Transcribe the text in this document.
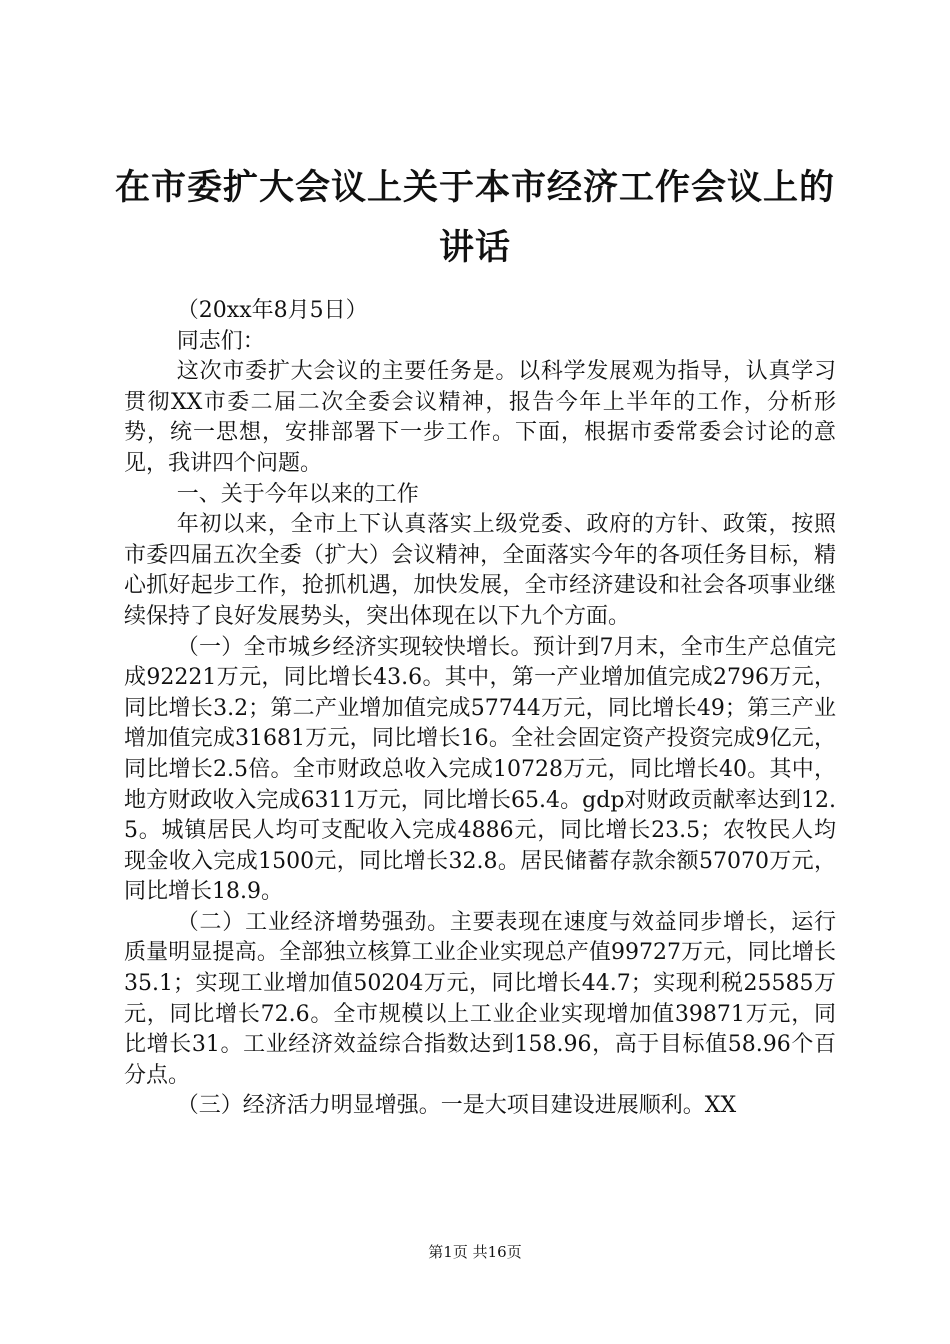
在市委扩大会议上关于本市经济工作会议上的
讲话

（20xx年8月5日）

同志们：

这次市委扩大会议的主要任务是。以科学发展观为指导，认真学习贯彻XX市委二届二次全委会议精神，报告今年上半年的工作，分析形势，统一思想，安排部署下一步工作。下面，根据市委常委会讨论的意见，我讲四个问题。

一、关于今年以来的工作

年初以来，全市上下认真落实上级党委、政府的方针、政策，按照市委四届五次全委（扩大）会议精神，全面落实今年的各项任务目标，精心抓好起步工作，抢抓机遇，加快发展，全市经济建设和社会各项事业继续保持了良好发展势头，突出体现在以下九个方面。

（一）全市城乡经济实现较快增长。预计到7月末，全市生产总值完成92221万元，同比增长43.6。其中，第一产业增加值完成2796万元，同比增长3.2；第二产业增加值完成57744万元，同比增长49；第三产业增加值完成31681万元，同比增长16。全社会固定资产投资完成9亿元，同比增长2.5倍。全市财政总收入完成10728万元，同比增长40。其中，地方财政收入完成6311万元，同比增长65.4。gdp对财政贡献率达到12.5。城镇居民人均可支配收入完成4886元，同比增长23.5；农牧民人均现金收入完成1500元，同比增长32.8。居民储蓄存款余额57070万元，同比增长18.9。

（二）工业经济增势强劲。主要表现在速度与效益同步增长，运行质量明显提高。全部独立核算工业企业实现总产值99727万元，同比增长35.1；实现工业增加值50204万元，同比增长44.7；实现利税25585万元，同比增长72.6。全市规模以上工业企业实现增加值39871万元，同比增长31。工业经济效益综合指数达到158.96，高于目标值58.96个百分点。

（三）经济活力明显增强。一是大项目建设进展顺利。XX

第1页 共16页
